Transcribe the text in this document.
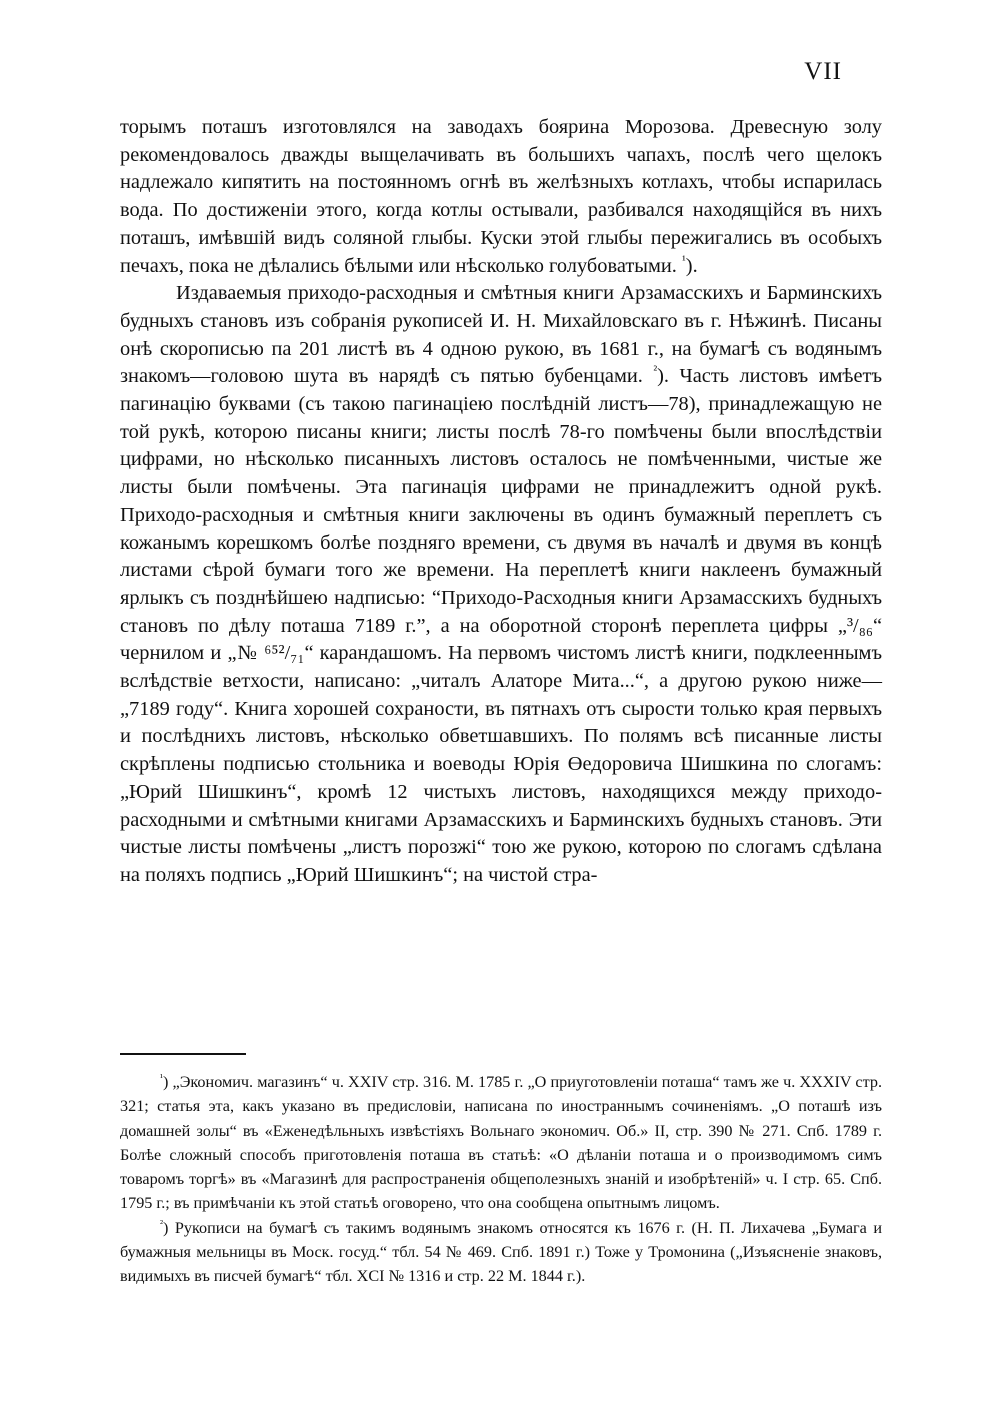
VII

торымъ поташъ изготовлялся на заводахъ боярина Морозова. Древесную золу рекомендовалось дважды выщелачивать въ большихъ чапахъ, послѣ чего щелокъ надлежало кипятить на постоянномъ огнѣ въ желѣзныхъ котлахъ, чтобы испарилась вода. По достиженіи этого, когда котлы остывали, разбивался находящійся въ нихъ поташъ, имѣвшій видъ соляной глыбы. Куски этой глыбы пережигались въ особыхъ печахъ, пока не дѣлались бѣлыми или нѣсколько голубоватыми. $^{^1}$).

Издаваемыя приходо-расходныя и смѣтныя книги Арзамасскихъ и Барминскихъ будныхъ становъ изъ собранія рукописей И. Н. Михайловскаго въ г. Нѣжинѣ. Писаны онѣ скорописью па 201 листѣ въ 4 одною рукою, въ 1681 г., на бумагѣ съ водянымъ знакомъ—головою шута въ нарядѣ съ пятью бубенцами. $^{^2}$). Часть листовъ имѣетъ пагинацію буквами (съ такою пагинацiею послѣдній листъ—78), принадлежащую не той рукѣ, которою писаны книги; листы послѣ 78-го помѣчены были впослѣдствіи цифрами, но нѣсколько писанныхъ листовъ осталось не помѣченными, чистые же листы были помѣчены. Эта пагинація цифрами не принадлежитъ одной рукѣ. Приходо-расходныя и смѣтныя книги заключены въ одинъ бумажный переплетъ съ кожанымъ корешкомъ болѣе поздняго времени, съ двумя въ началѣ и двумя въ концѣ листами сѣрой бумаги того же времени. На переплетѣ книги наклеенъ бумажный ярлыкъ съ позднѣйшею надписью: “Приходо-Расходныя книги Арзамасскихъ будныхъ становъ по дѣлу поташа 7189 г.”, а на оборотной сторонѣ переплета цифры „³/₈₆“ чернилом и „№ ⁶⁵²/₇₁“ карандашомъ. На первомъ чистомъ листѣ книги, подклееннымъ вслѣдствіе ветхости, написано: „читалъ Алаторе Мита...“, а другою рукою ниже—„7189 году“. Книга хорошей сохраности, въ пятнахъ отъ сырости только края первыхъ и послѣднихъ листовъ, нѣсколько обветшавшихъ. По полямъ всѣ писанные листы скрѣплены подписью стольника и воеводы Юрія Өедоровича Шишкина по слогамъ: „Юрий Шишкинъ“, кромѣ 12 чистыхъ листовъ, находящихся между приходо-расходными и смѣтными книгами Арзамасскихъ и Барминскихъ будныхъ становъ. Эти чистые листы помѣчены „листъ порозжі“ тою же рукою, которою по слогамъ сдѣлана на поляхъ подпись „Юрий Шишкинъ“; на чистой стра-

$^{^1}$) „Экономич. магазинъ“ ч. XXIV стр. 316. М. 1785 г. „О приуготовленіи поташа“ тамъ же ч. XXXIV стр. 321; статья эта, какъ указано въ предисловіи, написана по иностраннымъ сочиненіямъ. „О поташѣ изъ домашней золы“ въ «Еженедѣльныхъ извѣстіяхъ Вольнаго экономич. Об.» II, стр. 390 № 271. Спб. 1789 г. Болѣе сложный способъ приготовленія поташа въ статьѣ: «О дѣланіи поташа и о производимомъ симъ товаромъ торгѣ» въ «Магазинѣ для распространенія общеполезныхъ знаній и изобрѣтеній» ч. I стр. 65. Спб. 1795 г.; въ примѣчаніи къ этой статьѣ оговорено, что она сообщена опытнымъ лицомъ.

$^{^2}$) Рукописи на бумагѣ съ такимъ водянымъ знакомъ относятся къ 1676 г. (Н. П. Лихачева „Бумага и бумажныя мельницы въ Моск. госуд.“ тбл. 54 № 469. Спб. 1891 г.) Тоже у Тромонина („Изъясненіе знаковъ, видимыхъ въ писчей бумагѣ“ тбл. XCI № 1316 и стр. 22 М. 1844 г.).
